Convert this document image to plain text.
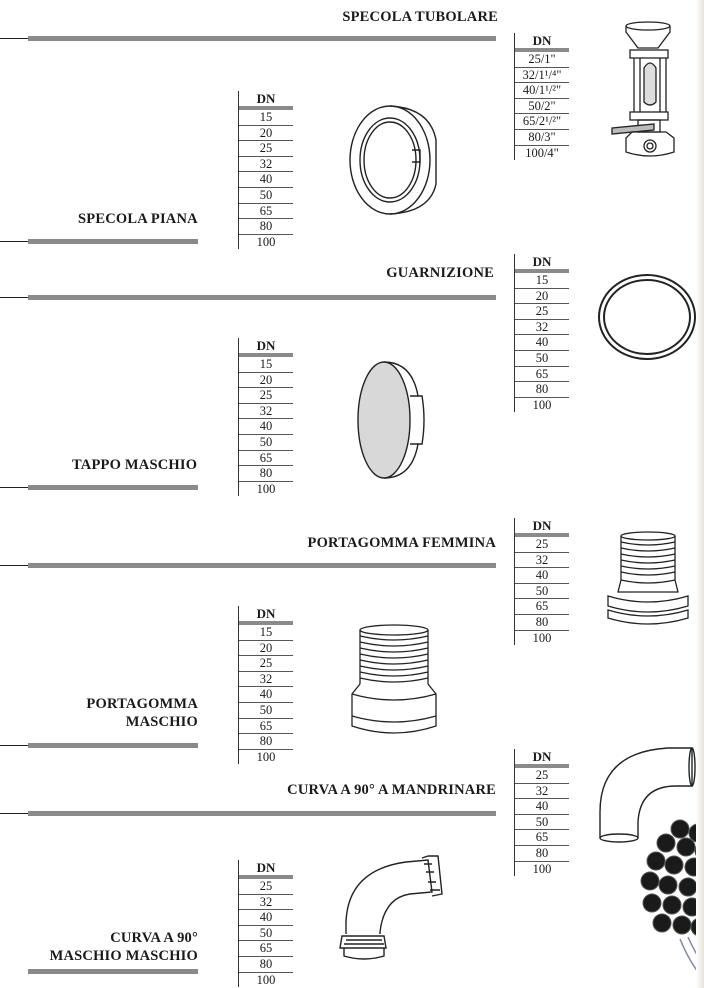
SPECOLA TUBOLARE
DN
25/1"
32/1¹/⁴"
40/1¹/²"
50/2"
65/2¹/²"
80/3"
100/4"
DN
15
20
25
32
40
50
65
80
100
SPECOLA PIANA
GUARNIZIONE
DN
15
20
25
32
40
50
65
80
100
DN
15
20
25
32
40
50
65
80
100
TAPPO MASCHIO
PORTAGOMMA FEMMINA
DN
25
32
40
50
65
80
100
DN
15
20
25
32
40
50
65
80
100
PORTAGOMMA
MASCHIO
CURVA A 90° A MANDRINARE
DN
25
32
40
50
65
80
100
DN
25
32
40
50
65
80
100
CURVA A 90°
MASCHIO MASCHIO
